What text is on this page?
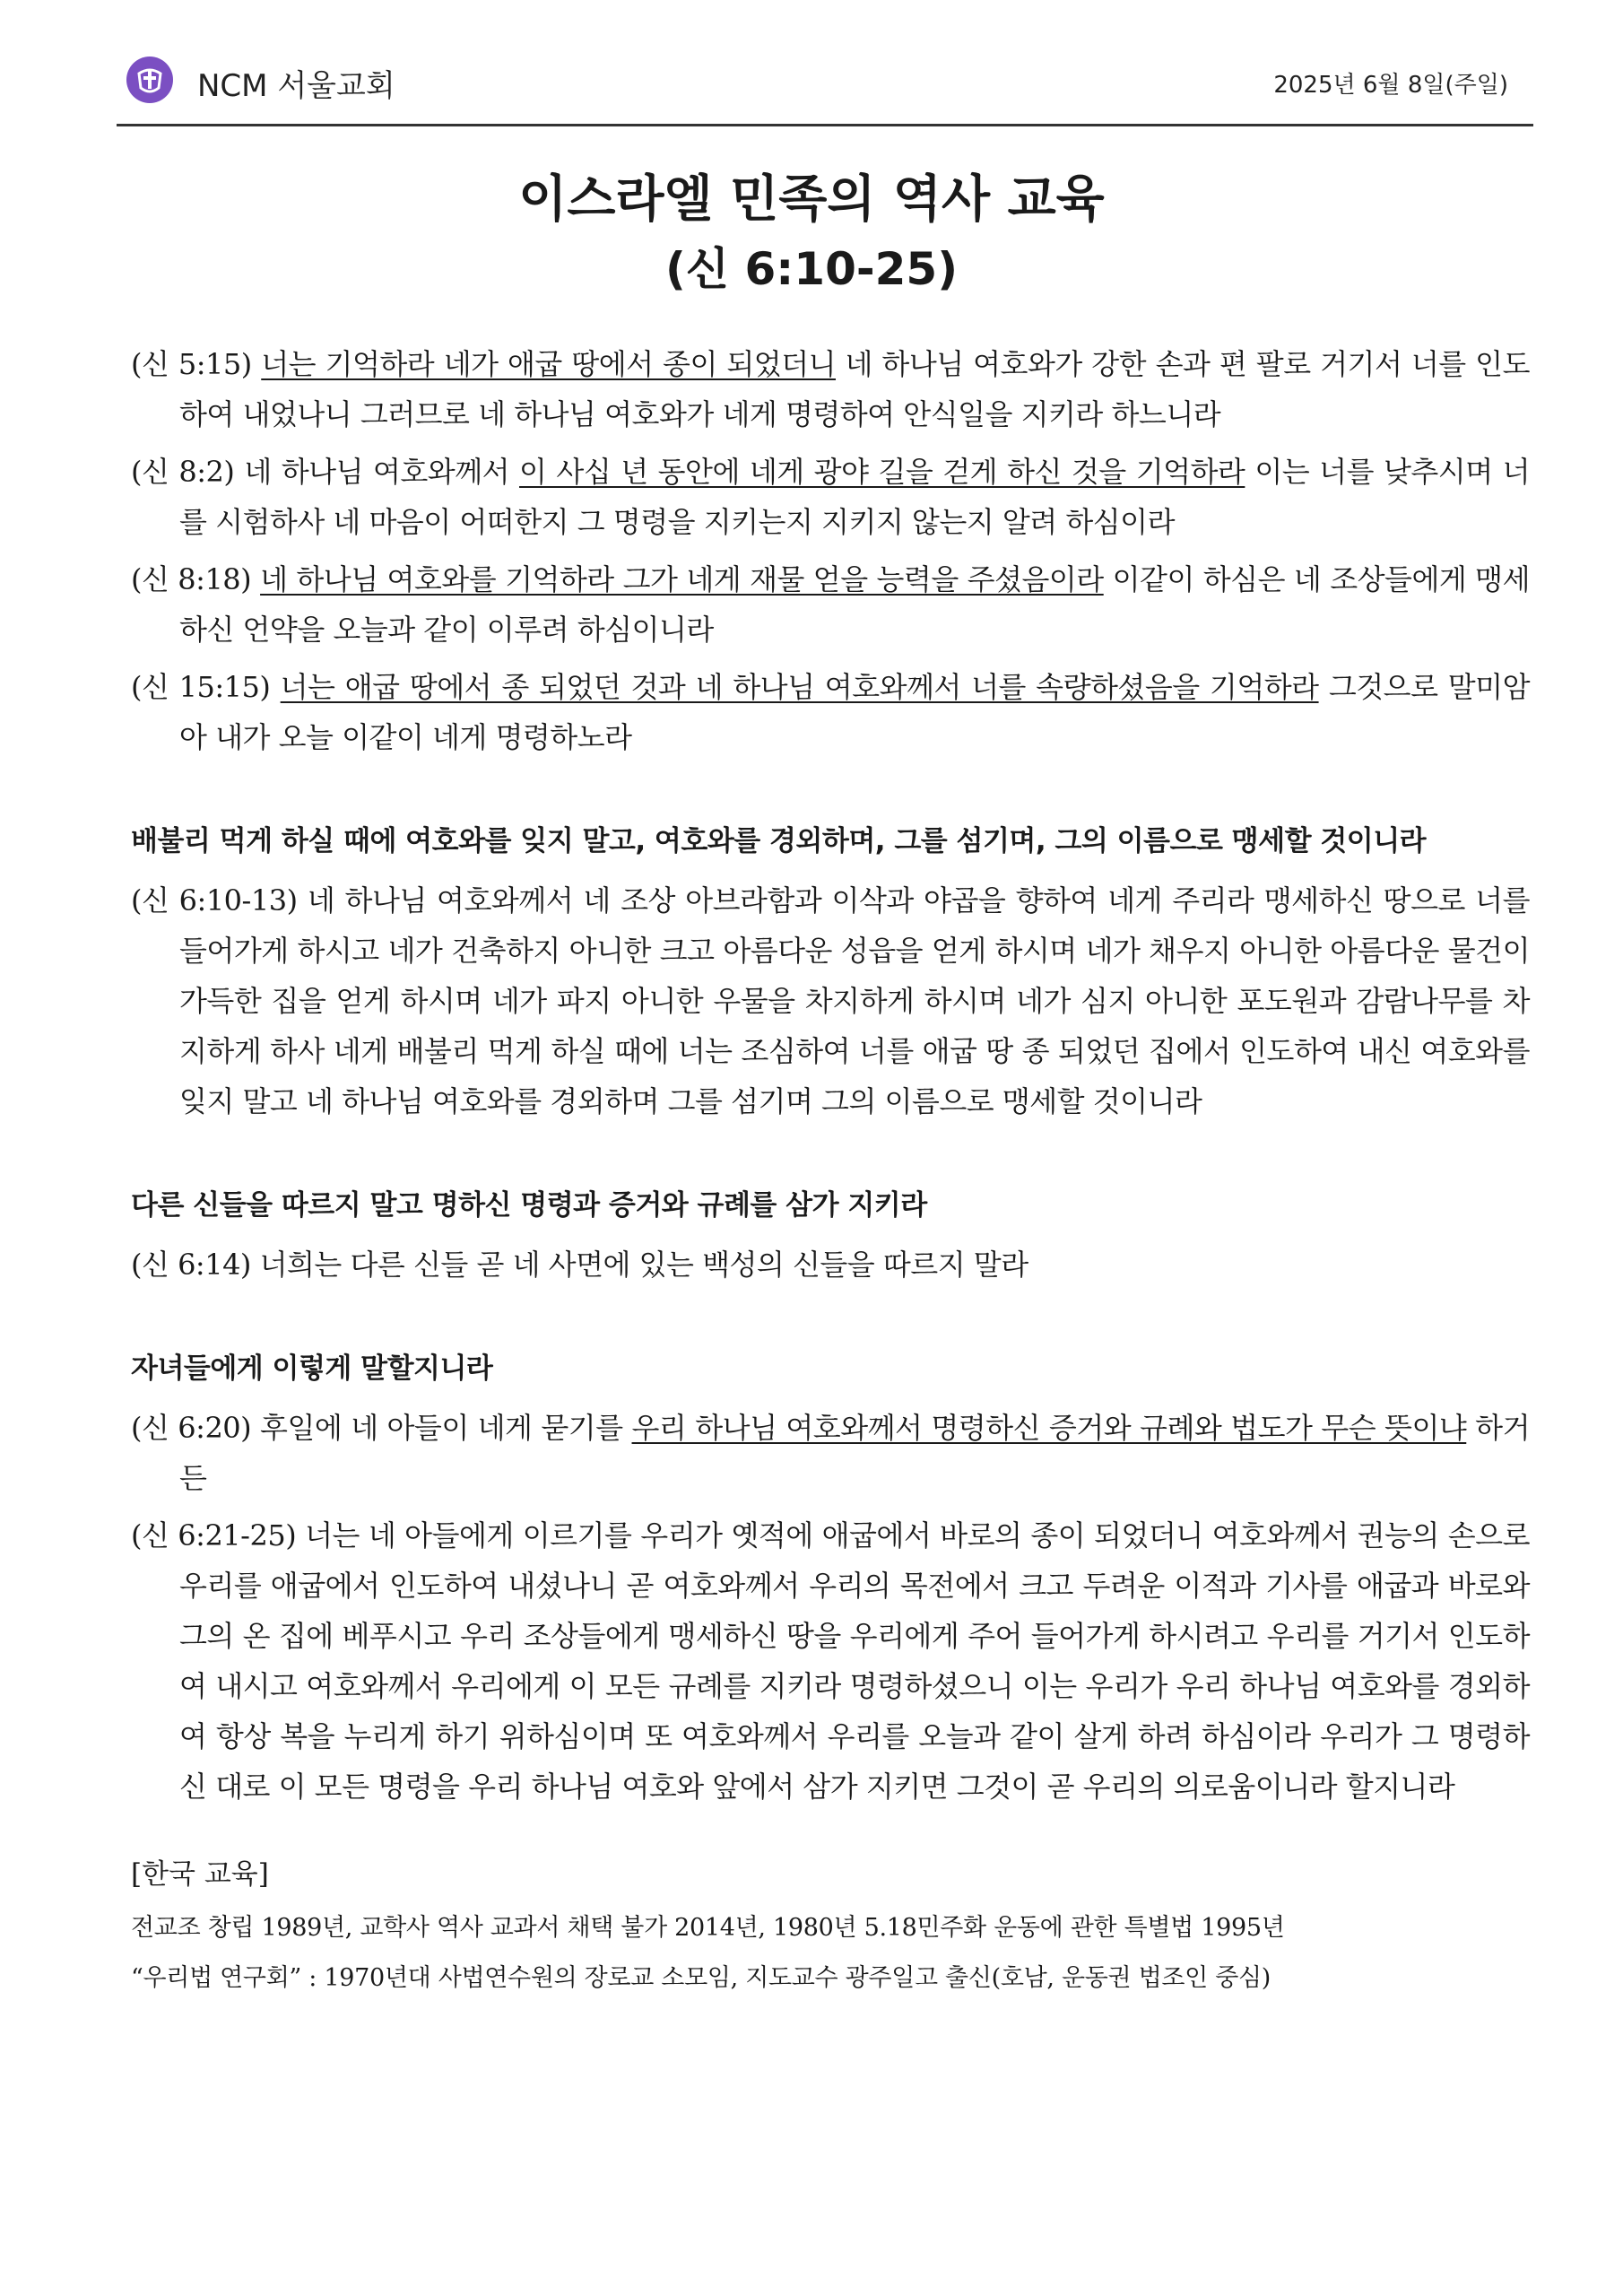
NCM 서울교회	2025년 6월 8일(주일)
이스라엘 민족의 역사 교육
(신 6:10-25)
(신 5:15) 너는 기억하라 네가 애굽 땅에서 종이 되었더니 네 하나님 여호와가 강한 손과 편 팔로 거기서 너를 인도하여 내었나니 그러므로 네 하나님 여호와가 네게 명령하여 안식일을 지키라 하느니라
(신 8:2) 네 하나님 여호와께서 이 사십 년 동안에 네게 광야 길을 걷게 하신 것을 기억하라 이는 너를 낮추시며 너를 시험하사 네 마음이 어떠한지 그 명령을 지키는지 지키지 않는지 알려 하심이라
(신 8:18) 네 하나님 여호와를 기억하라 그가 네게 재물 얻을 능력을 주셨음이라 이같이 하심은 네 조상들에게 맹세하신 언약을 오늘과 같이 이루려 하심이니라
(신 15:15) 너는 애굽 땅에서 종 되었던 것과 네 하나님 여호와께서 너를 속량하셨음을 기억하라 그것으로 말미암아 내가 오늘 이같이 네게 명령하노라
배불리 먹게 하실 때에 여호와를 잊지 말고, 여호와를 경외하며, 그를 섬기며, 그의 이름으로 맹세할 것이니라
(신 6:10-13) 네 하나님 여호와께서 네 조상 아브라함과 이삭과 야곱을 향하여 네게 주리라 맹세하신 땅으로 너를 들어가게 하시고 네가 건축하지 아니한 크고 아름다운 성읍을 얻게 하시며 네가 채우지 아니한 아름다운 물건이 가득한 집을 얻게 하시며 네가 파지 아니한 우물을 차지하게 하시며 네가 심지 아니한 포도원과 감람나무를 차지하게 하사 네게 배불리 먹게 하실 때에 너는 조심하여 너를 애굽 땅 종 되었던 집에서 인도하여 내신 여호와를 잊지 말고 네 하나님 여호와를 경외하며 그를 섬기며 그의 이름으로 맹세할 것이니라
다른 신들을 따르지 말고 명하신 명령과 증거와 규례를 삼가 지키라
(신 6:14) 너희는 다른 신들 곧 네 사면에 있는 백성의 신들을 따르지 말라
자녀들에게 이렇게 말할지니라
(신 6:20) 후일에 네 아들이 네게 묻기를 우리 하나님 여호와께서 명령하신 증거와 규례와 법도가 무슨 뜻이냐 하거든
(신 6:21-25) 너는 네 아들에게 이르기를 우리가 옛적에 애굽에서 바로의 종이 되었더니 여호와께서 권능의 손으로 우리를 애굽에서 인도하여 내셨나니 곧 여호와께서 우리의 목전에서 크고 두려운 이적과 기사를 애굽과 바로와 그의 온 집에 베푸시고 우리 조상들에게 맹세하신 땅을 우리에게 주어 들어가게 하시려고 우리를 거기서 인도하여 내시고 여호와께서 우리에게 이 모든 규례를 지키라 명령하셨으니 이는 우리가 우리 하나님 여호와를 경외하여 항상 복을 누리게 하기 위하심이며 또 여호와께서 우리를 오늘과 같이 살게 하려 하심이라 우리가 그 명령하신 대로 이 모든 명령을 우리 하나님 여호와 앞에서 삼가 지키면 그것이 곧 우리의 의로움이니라 할지니라
[한국 교육]
전교조 창립 1989년, 교학사 역사 교과서 채택 불가 2014년, 1980년 5.18민주화 운동에 관한 특별법 1995년
“우리법 연구회” : 1970년대 사법연수원의 장로교 소모임, 지도교수 광주일고 출신(호남, 운동권 법조인 중심)
